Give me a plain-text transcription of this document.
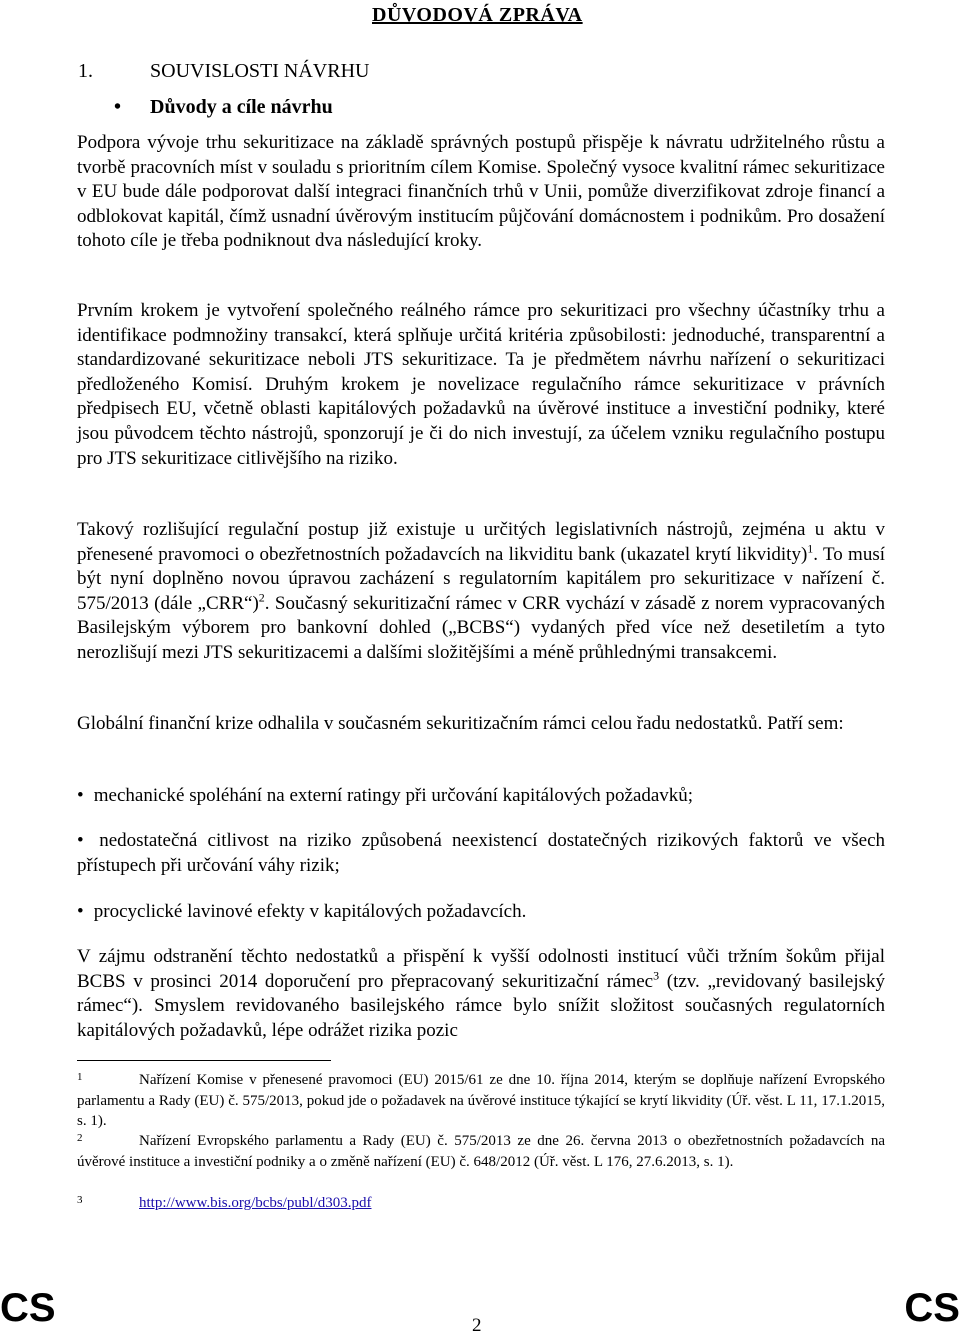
DŮVODOVÁ ZPRÁVA
1.	SOUVISLOSTI NÁVRHU
• Důvody a cíle návrhu

Podpora vývoje trhu sekuritizace na základě správných postupů přispěje k návratu udržitelného růstu a tvorbě pracovních míst v souladu s prioritním cílem Komise. Společný vysoce kvalitní rámec sekuritizace v EU bude dále podporovat další integraci finančních trhů v Unii, pomůže diverzifikovat zdroje financí a odblokovat kapitál, čímž usnadní úvěrovým institucím půjčování domácnostem i podnikům. Pro dosažení tohoto cíle je třeba podniknout dva následující kroky.

Prvním krokem je vytvoření společného reálného rámce pro sekuritizaci pro všechny účastníky trhu a identifikace podmnožiny transakcí, která splňuje určitá kritéria způsobilosti: jednoduché, transparentní a standardizované sekuritizace neboli JTS sekuritizace. Ta je předmětem návrhu nařízení o sekuritizaci předloženého Komisí. Druhým krokem je novelizace regulačního rámce sekuritizace v právních předpisech EU, včetně oblasti kapitálových požadavků na úvěrové instituce a investiční podniky, které jsou původcem těchto nástrojů, sponzorují je či do nich investují, za účelem vzniku regulačního postupu pro JTS sekuritizace citlivějšího na riziko.

Takový rozlišující regulační postup již existuje u určitých legislativních nástrojů, zejména u aktu v přenesené pravomoci o obezřetnostních požadavcích na likviditu bank (ukazatel krytí likvidity)$^1$. To musí být nyní doplněno novou úpravou zacházení s regulatorním kapitálem pro sekuritizace v nařízení č. 575/2013 (dále „CRR“)$^2$. Současný sekuritizační rámec v CRR vychází v zásadě z norem vypracovaných Basilejským výborem pro bankovní dohled („BCBS“) vydaných před více než desetiletím a tyto nerozlišují mezi JTS sekuritizacemi a dalšími složitějšími a méně průhlednými transakcemi.

Globální finanční krize odhalila v současném sekuritizačním rámci celou řadu nedostatků. Patří sem:

• mechanické spoléhání na externí ratingy při určování kapitálových požadavků;
• nedostatečná citlivost na riziko způsobená neexistencí dostatečných rizikových faktorů ve všech přístupech při určování váhy rizik;
• procyclické lavinové efekty v kapitálových požadavcích.

V zájmu odstranění těchto nedostatků a přispění k vyšší odolnosti institucí vůči tržním šokům přijal BCBS v prosinci 2014 doporučení pro přepracovaný sekuritizační rámec$^3$ (tzv. „revidovaný basilejský rámec“). Smyslem revidovaného basilejského rámce bylo snížit složitost současných regulatorních kapitálových požadavků, lépe odrážet rizika pozic

1	Nařízení Komise v přenesené pravomoci (EU) 2015/61 ze dne 10. října 2014, kterým se doplňuje nařízení Evropského parlamentu a Rady (EU) č. 575/2013, pokud jde o požadavek na úvěrové instituce týkající se krytí likvidity (Úř. věst. L 11, 17.1.2015, s. 1).
2	Nařízení Evropského parlamentu a Rady (EU) č. 575/2013 ze dne 26. června 2013 o obezřetnostních požadavcích na úvěrové instituce a investiční podniky a o změně nařízení (EU) č. 648/2012 (Úř. věst. L 176, 27.6.2013, s. 1).
3	http://www.bis.org/bcbs/publ/d303.pdf
CS	2	CS
